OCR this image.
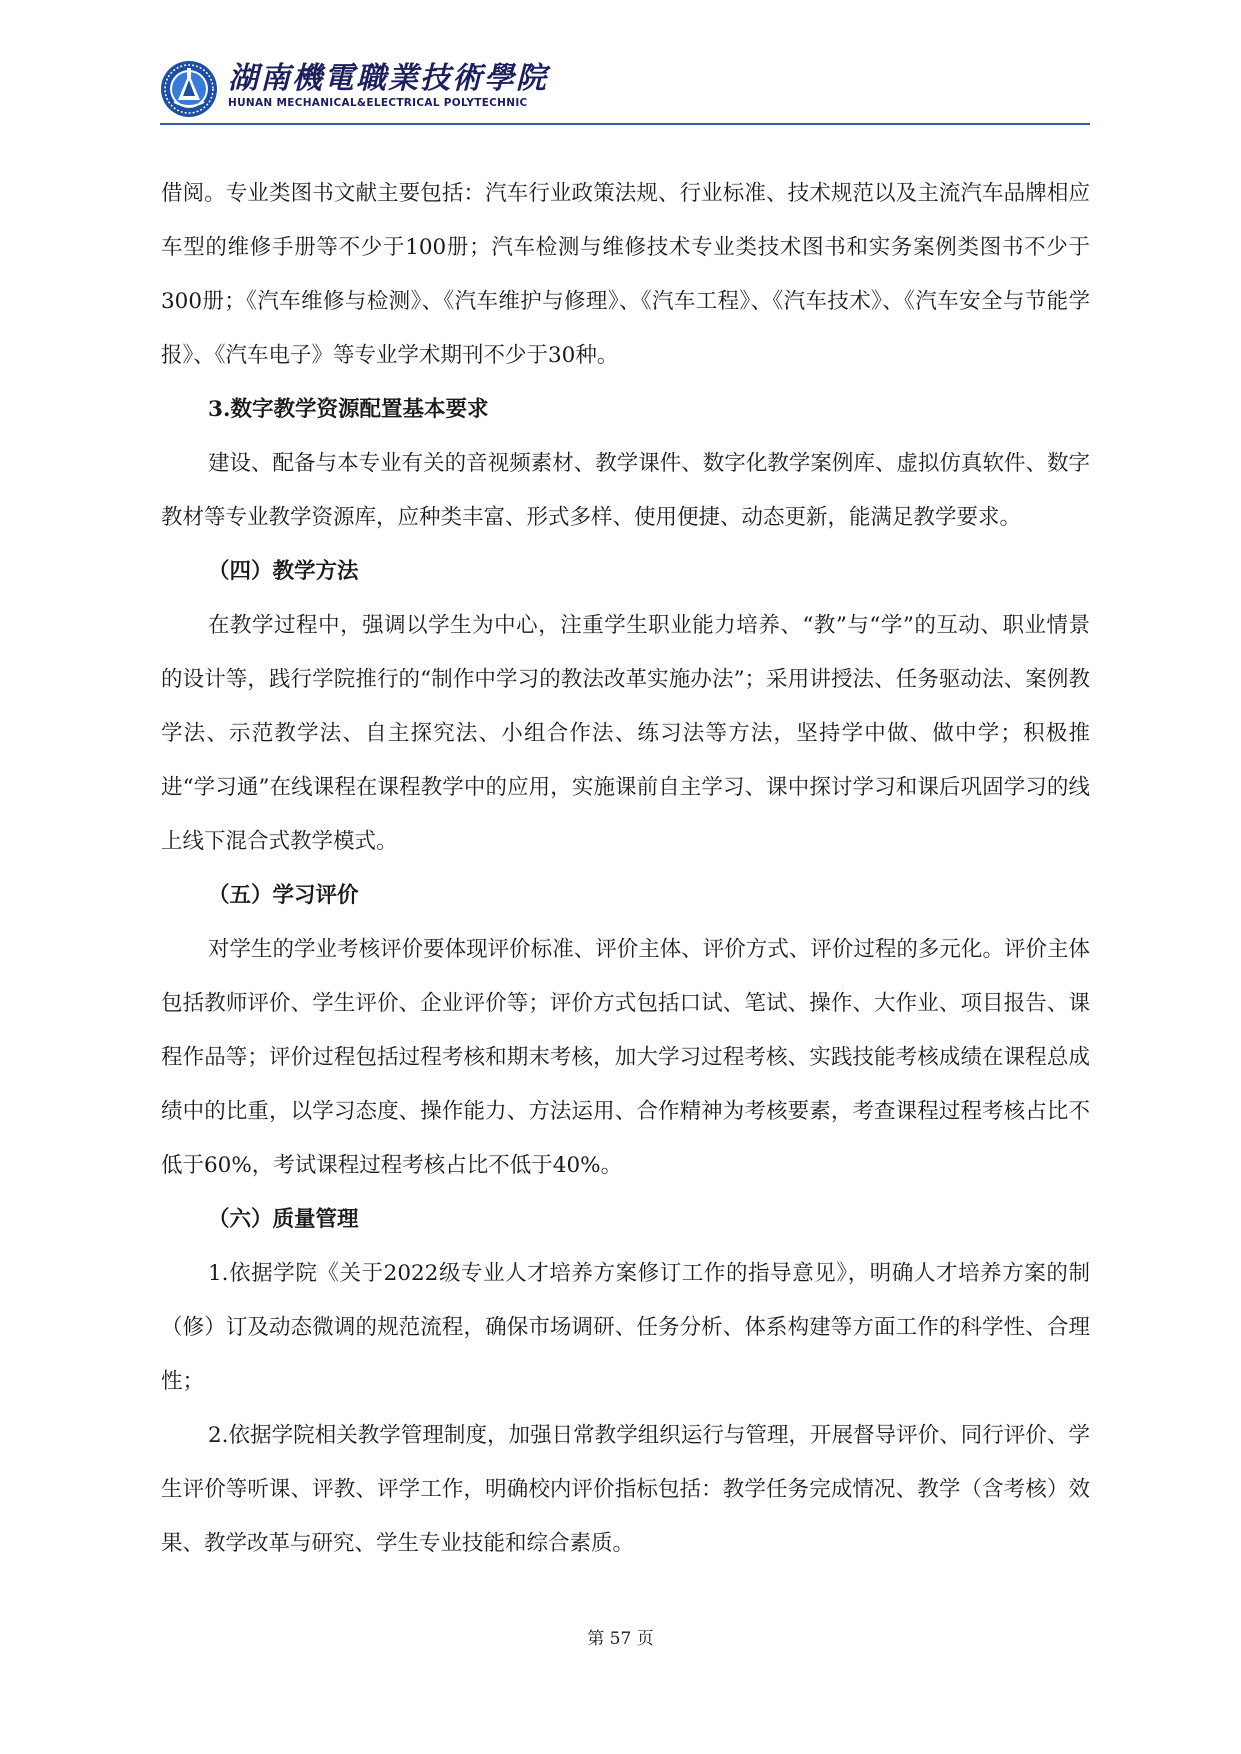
湖南機電職業技術學院
HUNAN MECHANICAL&ELECTRICAL POLYTECHNIC

借阅。专业类图书文献主要包括：汽车行业政策法规、行业标准、技术规范以及主流汽车品牌相应车型的维修手册等不少于100册；汽车检测与维修技术专业类技术图书和实务案例类图书不少于300册；《汽车维修与检测》、《汽车维护与修理》、《汽车工程》、《汽车技术》、《汽车安全与节能学报》、《汽车电子》等专业学术期刊不少于30种。

3.数字教学资源配置基本要求

建设、配备与本专业有关的音视频素材、教学课件、数字化教学案例库、虚拟仿真软件、数字教材等专业教学资源库，应种类丰富、形式多样、使用便捷、动态更新，能满足教学要求。

（四）教学方法

在教学过程中，强调以学生为中心，注重学生职业能力培养、“教”与“学”的互动、职业情景的设计等，践行学院推行的“制作中学习的教法改革实施办法”；采用讲授法、任务驱动法、案例教学法、示范教学法、自主探究法、小组合作法、练习法等方法，坚持学中做、做中学；积极推进“学习通”在线课程在课程教学中的应用，实施课前自主学习、课中探讨学习和课后巩固学习的线上线下混合式教学模式。

（五）学习评价

对学生的学业考核评价要体现评价标准、评价主体、评价方式、评价过程的多元化。评价主体包括教师评价、学生评价、企业评价等；评价方式包括口试、笔试、操作、大作业、项目报告、课程作品等；评价过程包括过程考核和期末考核，加大学习过程考核、实践技能考核成绩在课程总成绩中的比重，以学习态度、操作能力、方法运用、合作精神为考核要素，考查课程过程考核占比不低于60%，考试课程过程考核占比不低于40%。

（六）质量管理

1.依据学院《关于2022级专业人才培养方案修订工作的指导意见》，明确人才培养方案的制（修）订及动态微调的规范流程，确保市场调研、任务分析、体系构建等方面工作的科学性、合理性；

2.依据学院相关教学管理制度，加强日常教学组织运行与管理，开展督导评价、同行评价、学生评价等听课、评教、评学工作，明确校内评价指标包括：教学任务完成情况、教学（含考核）效果、教学改革与研究、学生专业技能和综合素质。

第 57 页
